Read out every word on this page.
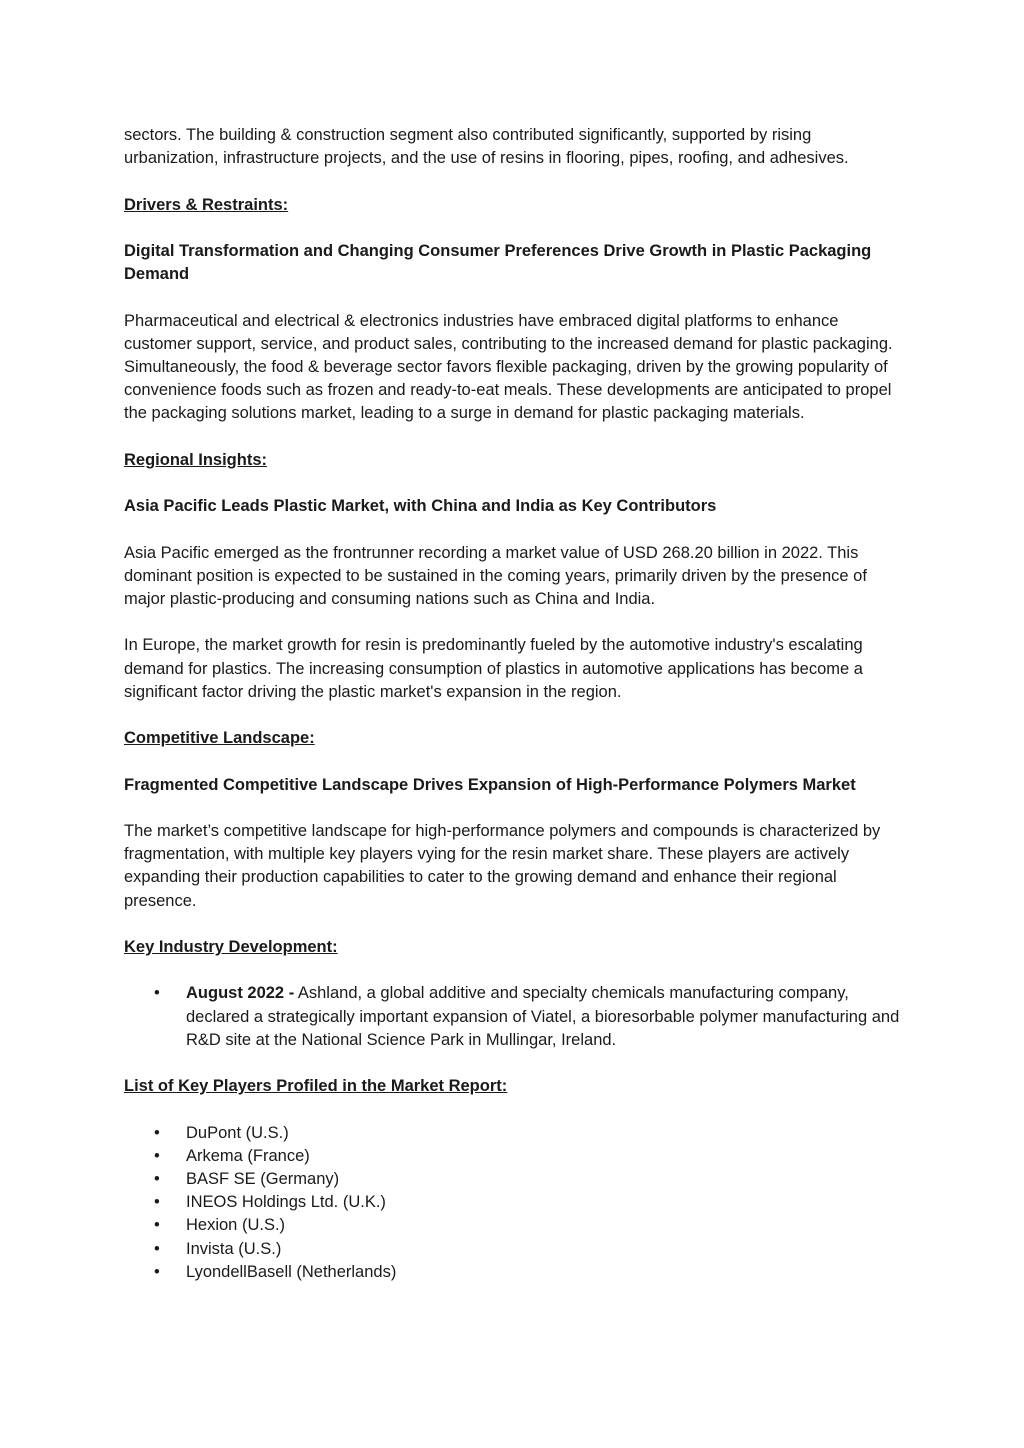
sectors. The building & construction segment also contributed significantly, supported by rising urbanization, infrastructure projects, and the use of resins in flooring, pipes, roofing, and adhesives.

Drivers & Restraints:
Digital Transformation and Changing Consumer Preferences Drive Growth in Plastic Packaging Demand

Pharmaceutical and electrical & electronics industries have embraced digital platforms to enhance customer support, service, and product sales, contributing to the increased demand for plastic packaging. Simultaneously, the food & beverage sector favors flexible packaging, driven by the growing popularity of convenience foods such as frozen and ready-to-eat meals. These developments are anticipated to propel the packaging solutions market, leading to a surge in demand for plastic packaging materials.

Regional Insights:
Asia Pacific Leads Plastic Market, with China and India as Key Contributors

Asia Pacific emerged as the frontrunner recording a market value of USD 268.20 billion in 2022. This dominant position is expected to be sustained in the coming years, primarily driven by the presence of major plastic-producing and consuming nations such as China and India.

In Europe, the market growth for resin is predominantly fueled by the automotive industry's escalating demand for plastics. The increasing consumption of plastics in automotive applications has become a significant factor driving the plastic market's expansion in the region.

Competitive Landscape:
Fragmented Competitive Landscape Drives Expansion of High-Performance Polymers Market

The market’s competitive landscape for high-performance polymers and compounds is characterized by fragmentation, with multiple key players vying for the resin market share. These players are actively expanding their production capabilities to cater to the growing demand and enhance their regional presence.

Key Industry Development:
• August 2022 - Ashland, a global additive and specialty chemicals manufacturing company, declared a strategically important expansion of Viatel, a bioresorbable polymer manufacturing and R&D site at the National Science Park in Mullingar, Ireland.
List of Key Players Profiled in the Market Report:
• DuPont (U.S.)
• Arkema (France)
• BASF SE (Germany)
• INEOS Holdings Ltd. (U.K.)
• Hexion (U.S.)
• Invista (U.S.)
• LyondellBasell (Netherlands)
